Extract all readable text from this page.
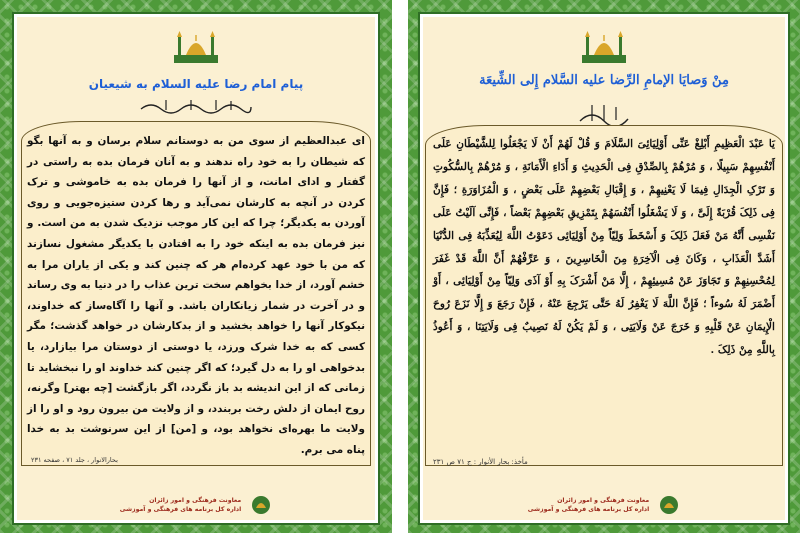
پیام امام رضا علیه السلام به شیعیان
ای عبدالعظیم از سوی من به دوستانم سلام برسان و به آنها بگو که شیطان را به خود راه ندهند و به آنان فرمان بده به راستی در گفتار و ادای امانت، و از آنها را فرمان بده به خاموشی و ترک کردن در آنچه به کارشان نمی‌آید و رها کردن ستیزه‌جویی و روی آوردن به یکدیگر؛ چرا که این کار موجب نزدیک شدن به من است. و نیز فرمان بده به اینکه خود را به افتادن با یکدیگر مشغول نسازند که من با خود عهد کرده‌ام هر که چنین کند و یکی از یاران مرا به خشم آورد، از خدا بخواهم سخت ترین عذاب را در دنیا به وی رساند و در آخرت در شمار زیانکاران باشد. و آنها را آگاه‌ساز که خداوند، نیکوکار آنها را خواهد بخشید و از بدکارشان در خواهد گذشت؛ مگر کسی که به خدا شرک ورزد، یا دوستی از دوستان مرا بیازارد، یا بدخواهی او را به دل گیرد؛ که اگر چنین کند خداوند او را نبخشاید تا زمانی که از این اندیشه بد باز نگردد، اگر بازگشت [چه بهتر] وگرنه، روح ایمان از دلش رخت بربندد، و از ولایت من بیرون رود و او را از ولایت ما بهره‌ای نخواهد بود، و [من] از این سرنوشت بد به خدا پناه می برم.
بحارالانوار ، جلد ۷۱ ، صفحه ۲۳۱
معاونت فرهنگی و امور زائران
اداره کل برنامه های فرهنگی و آموزشی

مِنْ وَصایَا الإمامِ الرِّضا علیه السَّلام إِلی الشِّیعَة
یَا عَبْدَ الْعَظِیمِ أَبْلِغْ عَنِّی أَوْلِیَائِیَ السَّلَامَ وَ قُلْ لَهُمْ أَنْ لَا یَجْعَلُوا لِلشَّیْطَانِ عَلَى أَنْفُسِهِمْ سَبِیلًا ، وَ مُرْهُمْ بِالصِّدْقِ فِی الْحَدِیثِ وَ أَدَاءِ الْأَمَانَةِ ، وَ مُرْهُمْ بِالسُّکُوتِ وَ تَرْکِ الْجِدَالِ فِیمَا لَا یَعْنِیهِمْ ، وَ إِقْبَالِ بَعْضِهِمْ عَلَى بَعْضٍ ، وَ الْمُزَاوَرَةِ ؛ فَإِنَّ فِی ذَلِکَ قُرْبَةً إِلَیَّ ، وَ لَا یَشْغَلُوا أَنْفُسَهُمْ بِتَمْزِیقِ بَعْضِهِمْ بَعْضاً ، فَإِنِّی آلَیْتُ عَلَى نَفْسِی أَنَّهُ مَنْ فَعَلَ ذَلِکَ وَ أَسْخَطَ وَلِیّاً مِنْ أَوْلِیَائِی دَعَوْتُ اللَّهَ لِیُعَذِّبَهُ فِی الدُّنْیَا أَشَدَّ الْعَذَابِ ، وَکَانَ فِی الْآخِرَةِ مِنَ الْخَاسِرِینَ ، وَ عَرِّفْهُمْ أَنَّ اللَّهَ قَدْ غَفَرَ لِمُحْسِنِهِمْ وَ تَجَاوَزَ عَنْ مُسِیئِهِمْ ، إِلَّا مَنْ أَشْرَکَ بِهِ أَوْ آذَى وَلِیّاً مِنْ أَوْلِیَائِی ، أَوْ أَضْمَرَ لَهُ سُوءاً ؛ فَإِنَّ اللَّهَ لَا یَغْفِرُ لَهُ حَتَّى یَرْجِعَ عَنْهُ ، فَإِنْ رَجَعَ وَ إِلَّا نَزَعَ رُوحَ الْإِیمَانِ عَنْ قَلْبِهِ وَ خَرَجَ عَنْ وَلَایَتِی ، وَ لَمْ یَکُنْ لَهُ نَصِیبٌ فِی وَلَایَتِنَا ، وَ أَعُوذُ بِاللَّهِ مِنْ ذَلِکَ .
مأخذ: بحار الأنوار : ج ۷۱ ص ۲۳۱
معاونت فرهنگی و امور زائران
اداره کل برنامه های فرهنگی و آموزشی
